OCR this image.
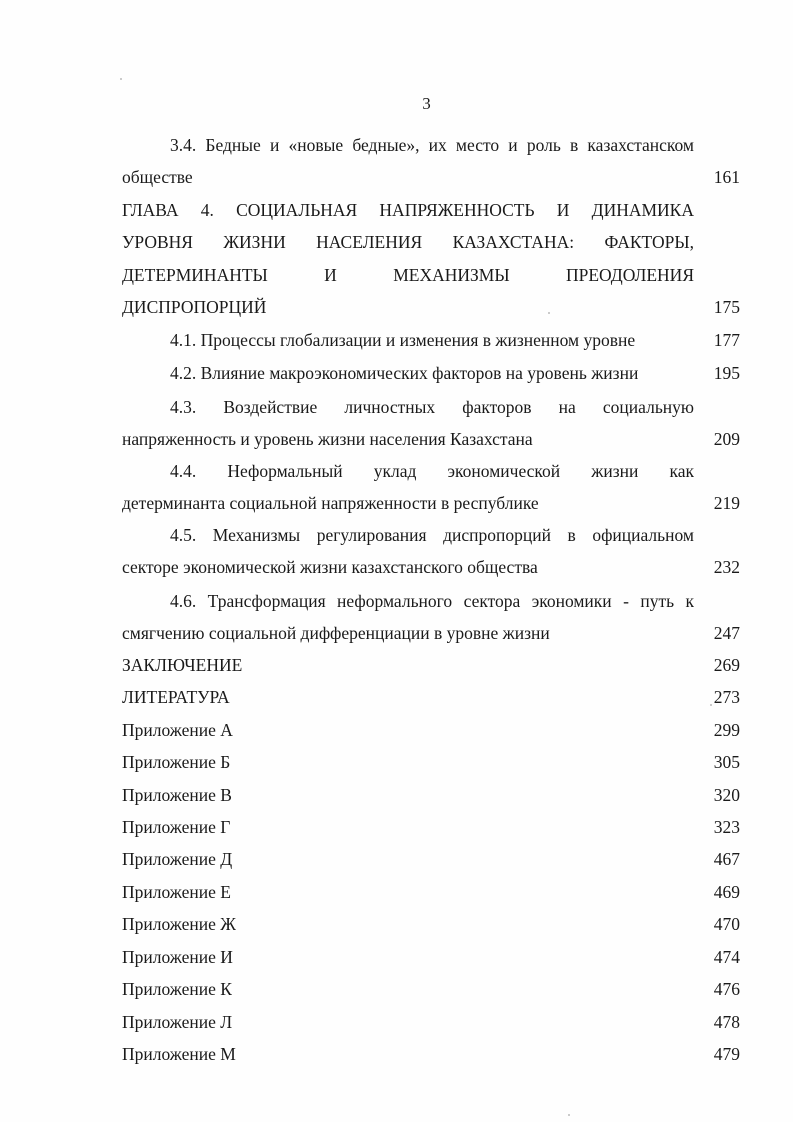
3
3.4. Бедные и «новые бедные», их место и роль в казахстанском
обществе	161
ГЛАВА 4. СОЦИАЛЬНАЯ НАПРЯЖЕННОСТЬ И ДИНАМИКА
УРОВНЯ ЖИЗНИ НАСЕЛЕНИЯ КАЗАХСТАНА: ФАКТОРЫ,
ДЕТЕРМИНАНТЫ И МЕХАНИЗМЫ ПРЕОДОЛЕНИЯ
ДИСПРОПОРЦИЙ	175
4.1. Процессы глобализации и изменения в жизненном уровне	177
4.2. Влияние макроэкономических факторов на уровень жизни	195
4.3. Воздействие личностных факторов на социальную
напряженность и уровень жизни населения Казахстана	209
4.4. Неформальный уклад экономической жизни как
детерминанта социальной напряженности в республике	219
4.5. Механизмы регулирования диспропорций в официальном
секторе экономической жизни казахстанского общества	232
4.6. Трансформация неформального сектора экономики - путь к
смягчению социальной дифференциации в уровне жизни	247
ЗАКЛЮЧЕНИЕ	269
ЛИТЕРАТУРА	273
Приложение А	299
Приложение Б	305
Приложение В	320
Приложение Г	323
Приложение Д	467
Приложение Е	469
Приложение Ж	470
Приложение И	474
Приложение К	476
Приложение Л	478
Приложение М	479
